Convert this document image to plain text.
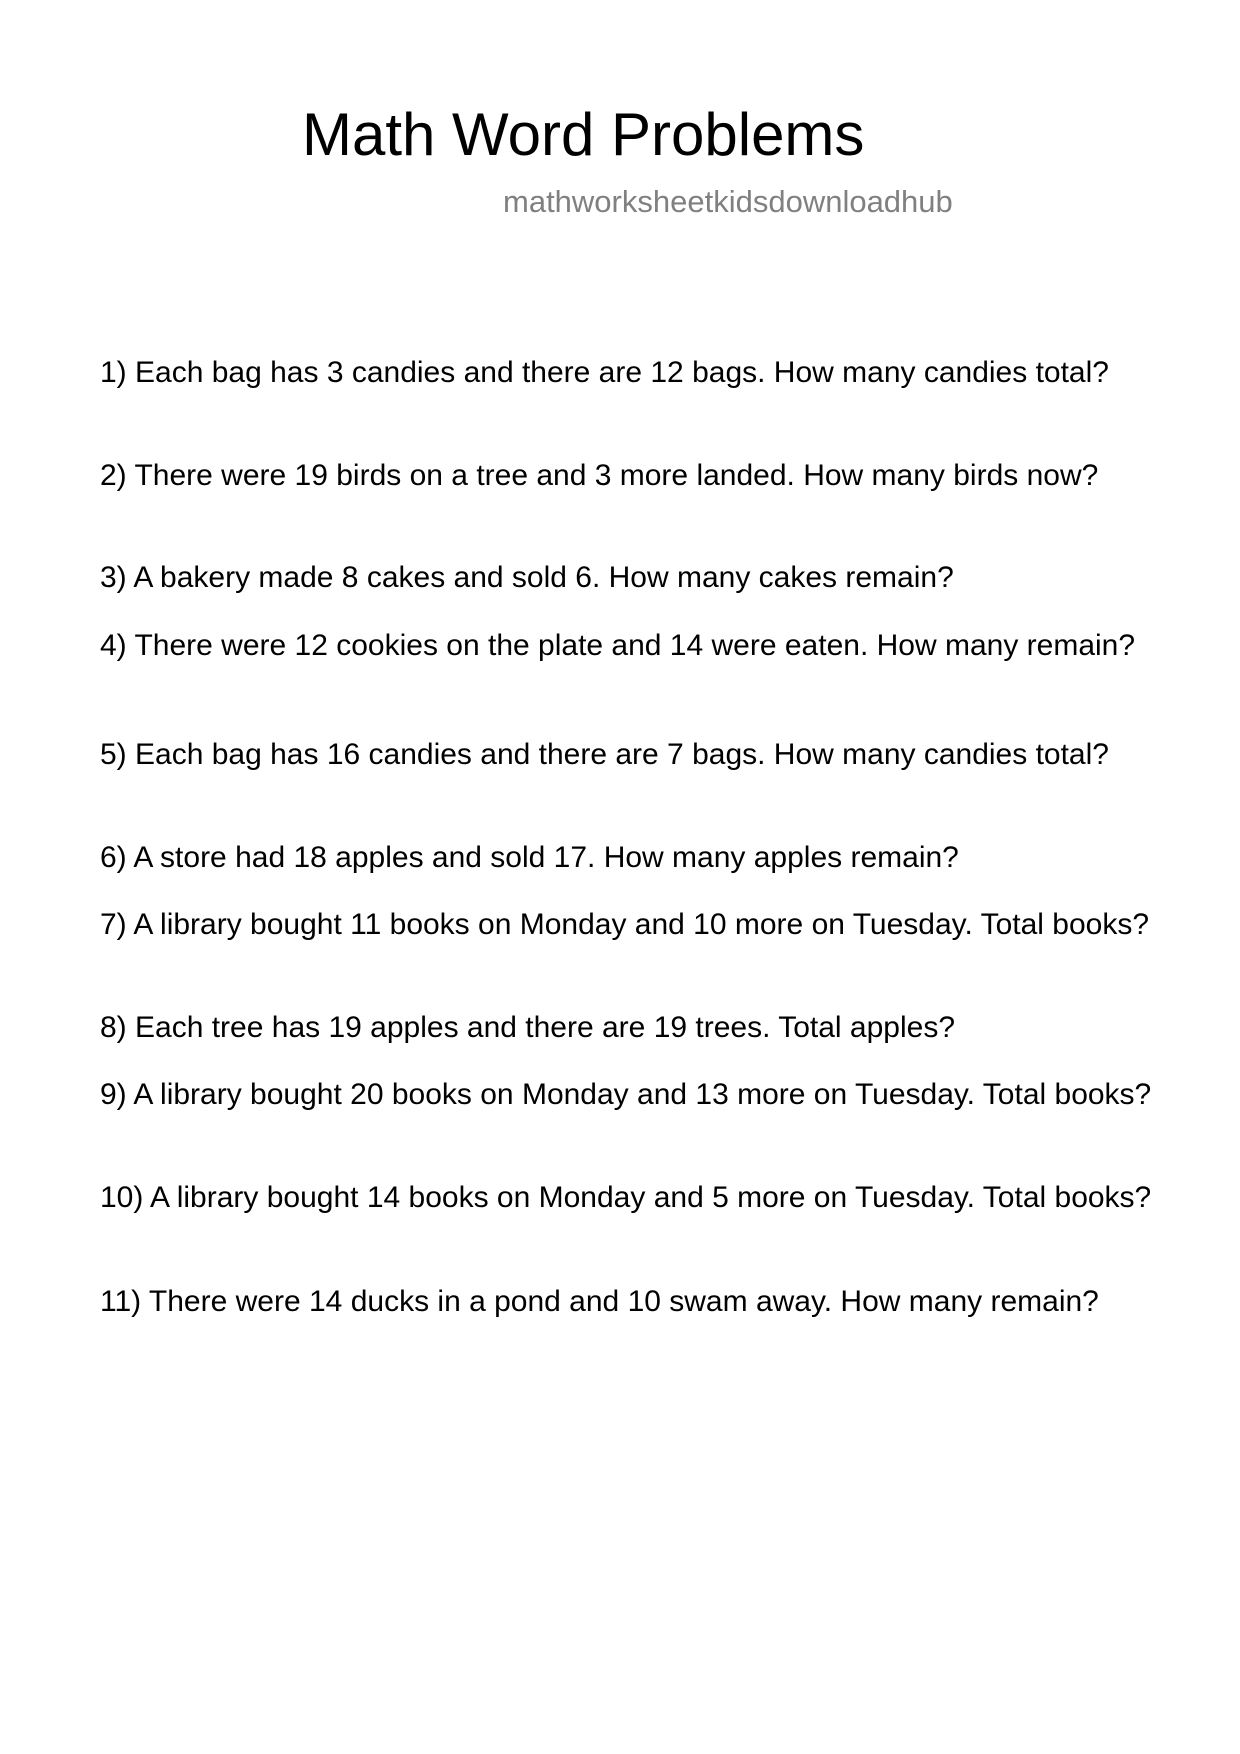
Math Word Problems
mathworksheetkidsdownloadhub
1) Each bag has 3 candies and there are 12 bags. How many candies total?
2) There were 19 birds on a tree and 3 more landed. How many birds now?
3) A bakery made 8 cakes and sold 6. How many cakes remain?
4) There were 12 cookies on the plate and 14 were eaten. How many remain?
5) Each bag has 16 candies and there are 7 bags. How many candies total?
6) A store had 18 apples and sold 17. How many apples remain?
7) A library bought 11 books on Monday and 10 more on Tuesday. Total books?
8) Each tree has 19 apples and there are 19 trees. Total apples?
9) A library bought 20 books on Monday and 13 more on Tuesday. Total books?
10) A library bought 14 books on Monday and 5 more on Tuesday. Total books?
11) There were 14 ducks in a pond and 10 swam away. How many remain?
